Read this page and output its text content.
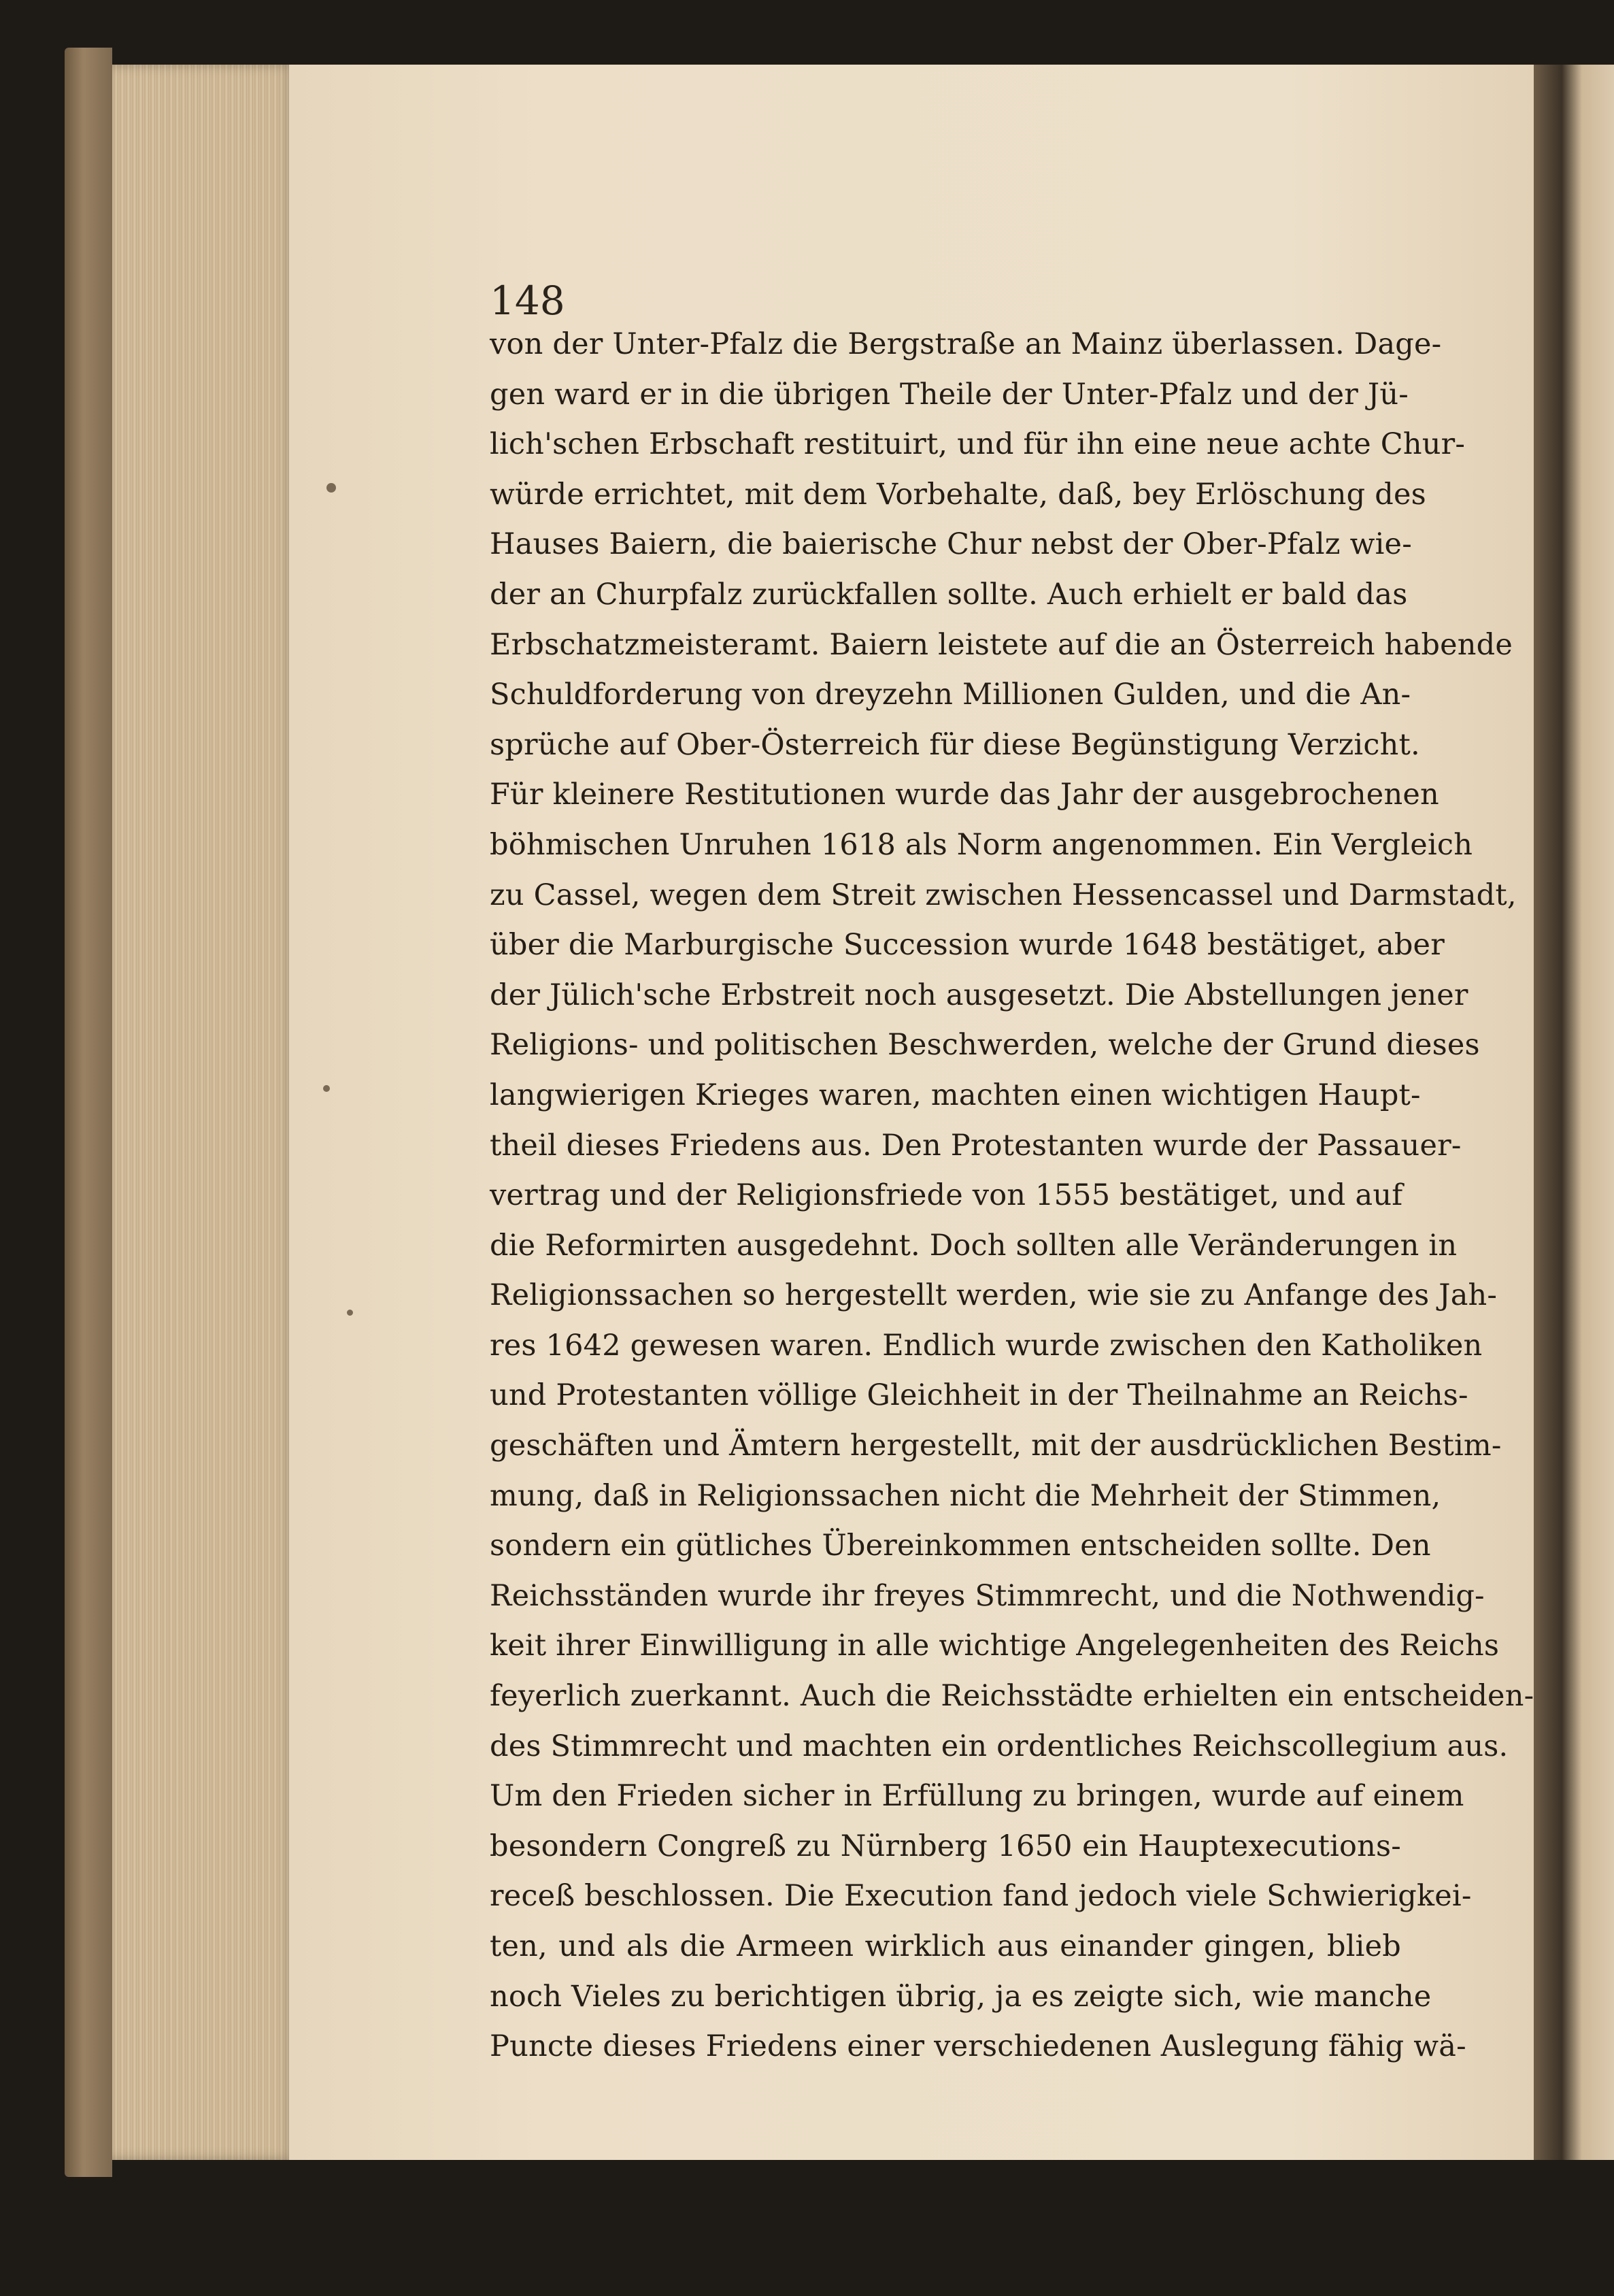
148
von der Unter-Pfalz die Bergstraße an Mainz überlassen. Dage-
gen ward er in die übrigen Theile der Unter-Pfalz und der Jü-
lich'schen Erbschaft restituirt, und für ihn eine neue achte Chur-
würde errichtet, mit dem Vorbehalte, daß, bey Erlöschung des
Hauses Baiern, die baierische Chur nebst der Ober-Pfalz wie-
der an Churpfalz zurückfallen sollte. Auch erhielt er bald das
Erbschatzmeisteramt. Baiern leistete auf die an Österreich habende
Schuldforderung von dreyzehn Millionen Gulden, und die An-
sprüche auf Ober-Österreich für diese Begünstigung Verzicht.
Für kleinere Restitutionen wurde das Jahr der ausgebrochenen
böhmischen Unruhen 1618 als Norm angenommen. Ein Vergleich
zu Cassel, wegen dem Streit zwischen Hessencassel und Darmstadt,
über die Marburgische Succession wurde 1648 bestätiget, aber
der Jülich'sche Erbstreit noch ausgesetzt. Die Abstellungen jener
Religions- und politischen Beschwerden, welche der Grund dieses
langwierigen Krieges waren, machten einen wichtigen Haupt-
theil dieses Friedens aus. Den Protestanten wurde der Passauer-
vertrag und der Religionsfriede von 1555 bestätiget, und auf
die Reformirten ausgedehnt. Doch sollten alle Veränderungen in
Religionssachen so hergestellt werden, wie sie zu Anfange des Jah-
res 1642 gewesen waren. Endlich wurde zwischen den Katholiken
und Protestanten völlige Gleichheit in der Theilnahme an Reichs-
geschäften und Ämtern hergestellt, mit der ausdrücklichen Bestim-
mung, daß in Religionssachen nicht die Mehrheit der Stimmen,
sondern ein gütliches Übereinkommen entscheiden sollte. Den
Reichsständen wurde ihr freyes Stimmrecht, und die Nothwendig-
keit ihrer Einwilligung in alle wichtige Angelegenheiten des Reichs
feyerlich zuerkannt. Auch die Reichsstädte erhielten ein entscheiden-
des Stimmrecht und machten ein ordentliches Reichscollegium aus.
Um den Frieden sicher in Erfüllung zu bringen, wurde auf einem
besondern Congreß zu Nürnberg 1650 ein Hauptexecutions-
receß beschlossen. Die Execution fand jedoch viele Schwierigkei-
ten, und als die Armeen wirklich aus einander gingen, blieb
noch Vieles zu berichtigen übrig, ja es zeigte sich, wie manche
Puncte dieses Friedens einer verschiedenen Auslegung fähig wä-
